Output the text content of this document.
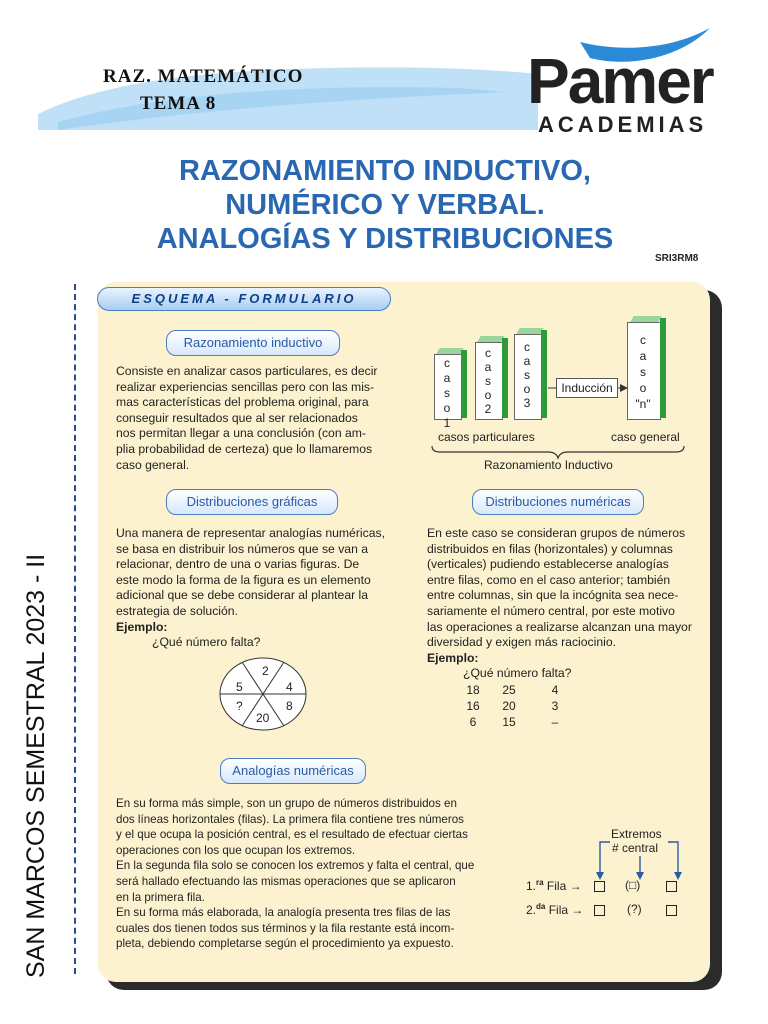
RAZ. MATEMÁTICO
TEMA 8	Pamer
ACADEMIAS
RAZONAMIENTO INDUCTIVO,
NUMÉRICO Y VERBAL.
ANALOGÍAS Y DISTRIBUCIONES
SRI3RM8
SAN MARCOS SEMESTRAL 2023 - II
ESQUEMA - FORMULARIO
Razonamiento inductivo
Consiste en analizar casos particulares, es decir
realizar experiencias sencillas pero con las mis-
mas características del problema original, para
conseguir resultados que al ser relacionados
nos permitan llegar a una conclusión (con am-
plia probabilidad de certeza) que lo llamaremos
caso general.
c
a
s
o
1
c
a
s
o
2
c
a
s
o
3
c
a
s
o
"n"
Inducción
casos particulares	caso general
Razonamiento Inductivo
Distribuciones gráficas
Una manera de representar analogías numéricas,
se basa en distribuir los números que se van a
relacionar, dentro de una o varias figuras. De
este modo la forma de la figura es un elemento
adicional que se debe considerar al plantear la
estrategia de solución.
Ejemplo:
¿Qué número falta?
2
4
8
20
?
5
Distribuciones numéricas
En este caso se consideran grupos de números
distribuidos en filas (horizontales) y columnas
(verticales) pudiendo establecerse analogías
entre filas, como en el caso anterior; también
entre columnas, sin que la incógnita sea nece-
sariamente el número central, por este motivo
las operaciones a realizarse alcanzan una mayor
diversidad y exigen más raciocinio.
Ejemplo:
¿Qué número falta?
18 25	4
16 20	3
6 15	–
Analogías numéricas
En su forma más simple, son un grupo de números distribuidos en
dos líneas horizontales (filas). La primera fila contiene tres números
y el que ocupa la posición central, es el resultado de efectuar ciertas
operaciones con los que ocupan los extremos.
En la segunda fila solo se conocen los extremos y falta el central, que
será hallado efectuando las mismas operaciones que se aplicaron
en la primera fila.
En su forma más elaborada, la analogía presenta tres filas de las
cuales dos tienen todos sus términos y la fila restante está incom-
pleta, debiendo completarse según el procedimiento ya expuesto.
Extremos
# central
1.$^{ra}$ Fila →	(□)
2.$^{da}$ Fila →	(?)
